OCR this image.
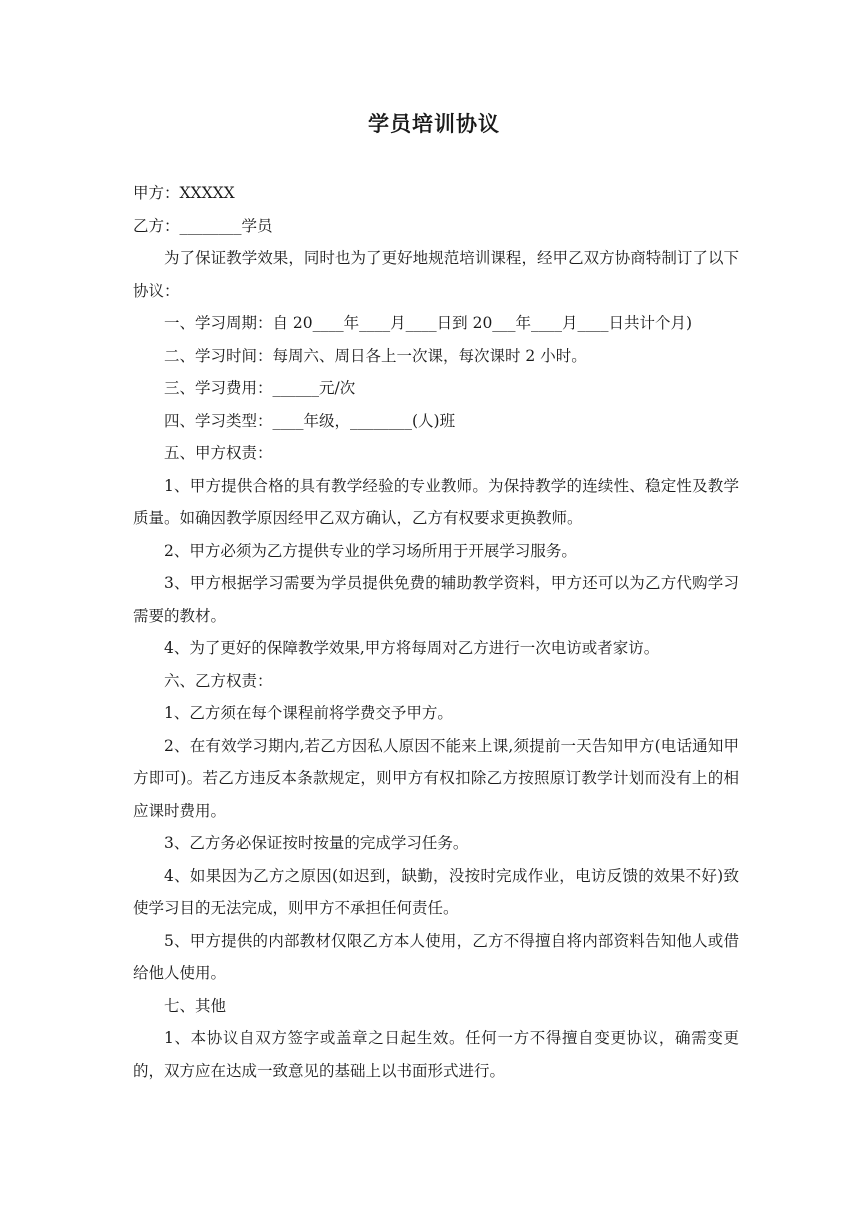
学员培训协议

甲方：XXXXX

乙方：________学员

为了保证教学效果，同时也为了更好地规范培训课程，经甲乙双方协商特制订了以下协议：

一、学习周期：自 20____年____月____日到 20___年____月____日共计个月)

二、学习时间：每周六、周日各上一次课，每次课时 2 小时。

三、学习费用：______元/次

四、学习类型：____年级，________(人)班

五、甲方权责：

1、甲方提供合格的具有教学经验的专业教师。为保持教学的连续性、稳定性及教学质量。如确因教学原因经甲乙双方确认，乙方有权要求更换教师。

2、甲方必须为乙方提供专业的学习场所用于开展学习服务。

3、甲方根据学习需要为学员提供免费的辅助教学资料，甲方还可以为乙方代购学习需要的教材。

4、为了更好的保障教学效果,甲方将每周对乙方进行一次电访或者家访。

六、乙方权责：

1、乙方须在每个课程前将学费交予甲方。

2、在有效学习期内,若乙方因私人原因不能来上课,须提前一天告知甲方(电话通知甲方即可)。若乙方违反本条款规定，则甲方有权扣除乙方按照原订教学计划而没有上的相应课时费用。

3、乙方务必保证按时按量的完成学习任务。

4、如果因为乙方之原因(如迟到，缺勤，没按时完成作业，电访反馈的效果不好)致使学习目的无法完成，则甲方不承担任何责任。

5、甲方提供的内部教材仅限乙方本人使用，乙方不得擅自将内部资料告知他人或借给他人使用。

七、其他

1、本协议自双方签字或盖章之日起生效。任何一方不得擅自变更协议，确需变更的，双方应在达成一致意见的基础上以书面形式进行。
